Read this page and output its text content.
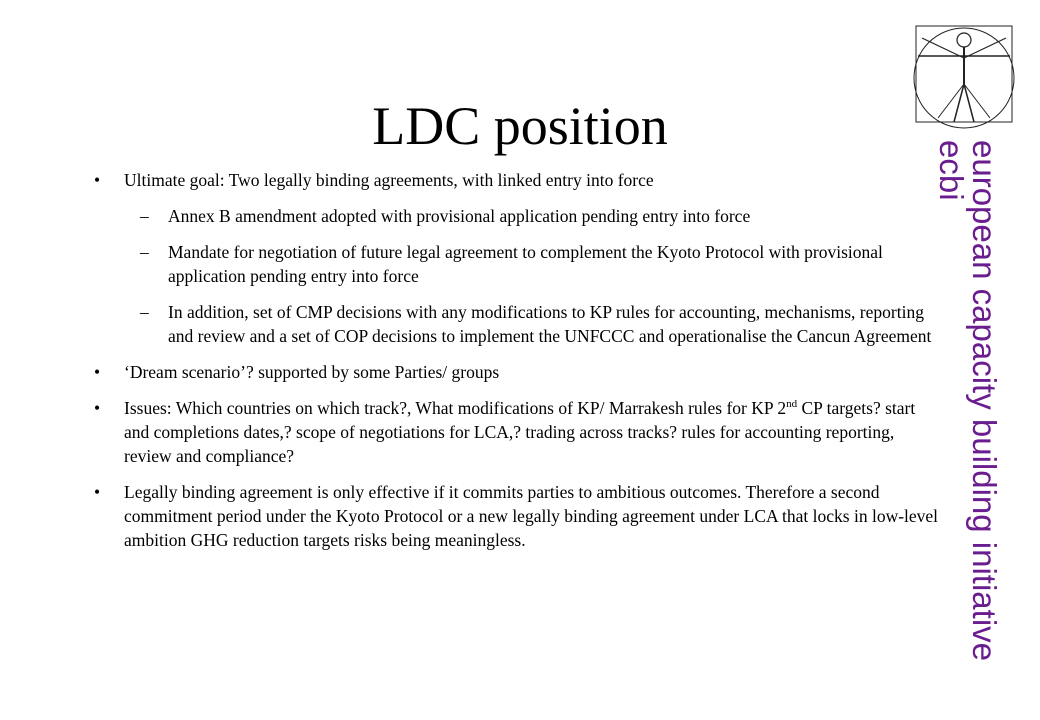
LDC position
• Ultimate goal: Two legally binding agreements, with linked entry into force
– Annex B amendment adopted with provisional application pending entry into force
– Mandate for negotiation of future legal agreement to complement the Kyoto Protocol with provisional application pending entry into force
– In addition, set of CMP decisions with any modifications to KP rules for accounting, mechanisms, reporting and review and a set of COP decisions to implement the UNFCCC and operationalise the Cancun Agreement
• ‘Dream scenario’? supported by some Parties/ groups
• Issues: Which countries on which track?, What modifications of KP/ Marrakesh rules for KP 2nd CP targets? start and completions dates,? scope of negotiations for LCA,? trading across tracks? rules for accounting reporting, review and compliance?
• Legally binding agreement is only effective if it commits parties to ambitious outcomes. Therefore a second commitment period under the Kyoto Protocol or a new legally binding agreement under LCA that locks in low-level ambition GHG reduction targets risks being meaningless.	european capacity building initiative
ecbi
